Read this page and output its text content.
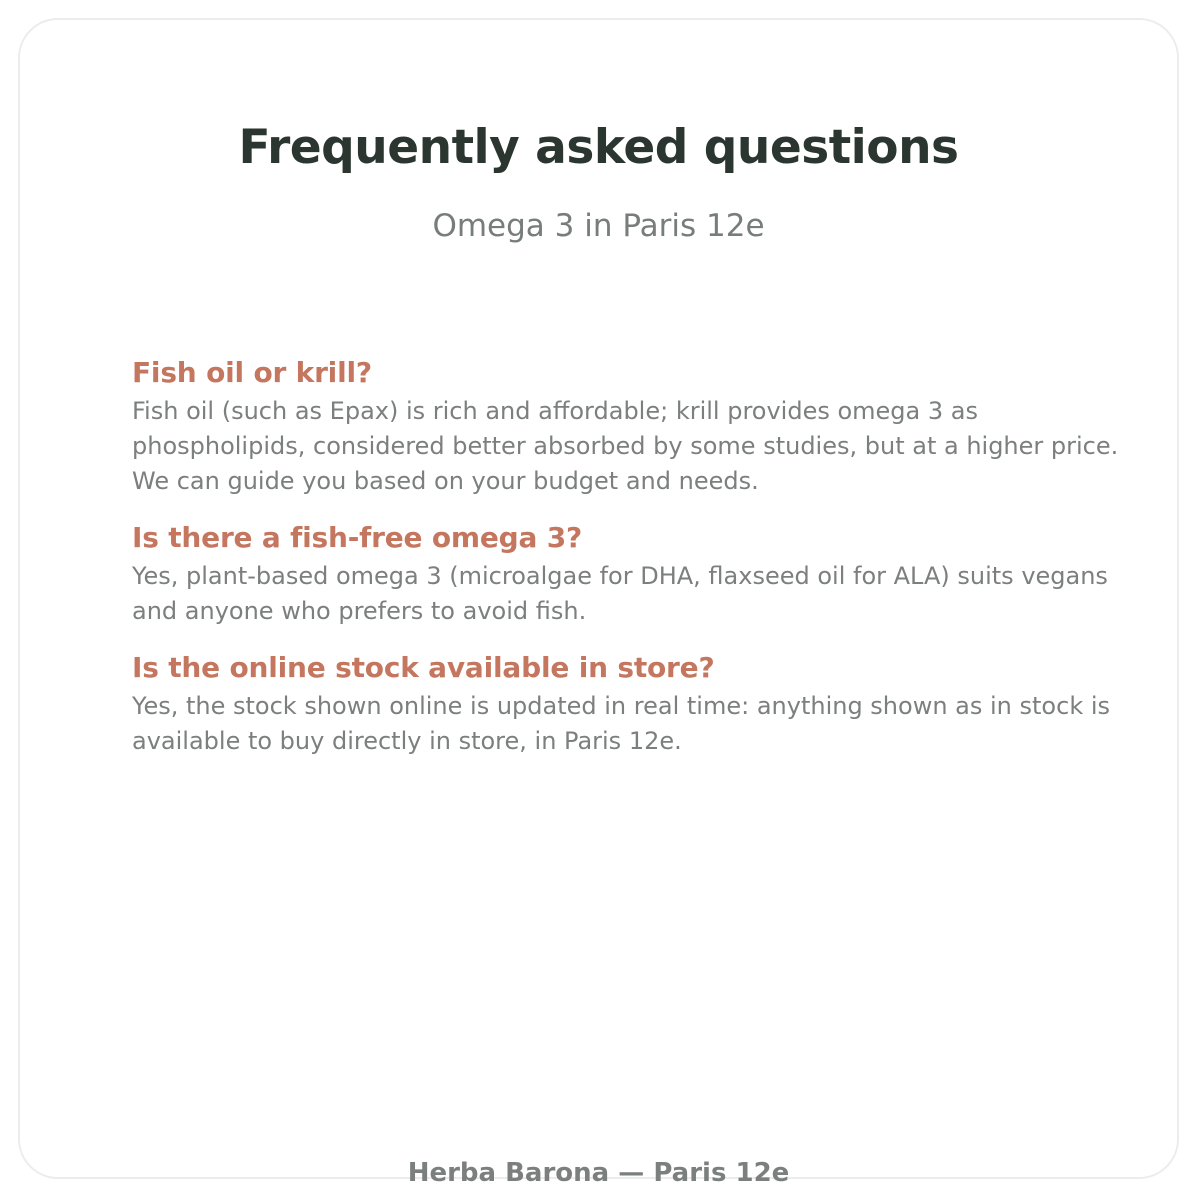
Frequently asked questions
Omega 3 in Paris 12e
Fish oil or krill?

Fish oil (such as Epax) is rich and affordable; krill provides omega 3 as phospholipids, considered better absorbed by some studies, but at a higher price. We can guide you based on your budget and needs.

Is there a fish-free omega 3?

Yes, plant-based omega 3 (microalgae for DHA, flaxseed oil for ALA) suits vegans and anyone who prefers to avoid fish.

Is the online stock available in store?

Yes, the stock shown online is updated in real time: anything shown as in stock is available to buy directly in store, in Paris 12e.

Herba Barona — Paris 12e
